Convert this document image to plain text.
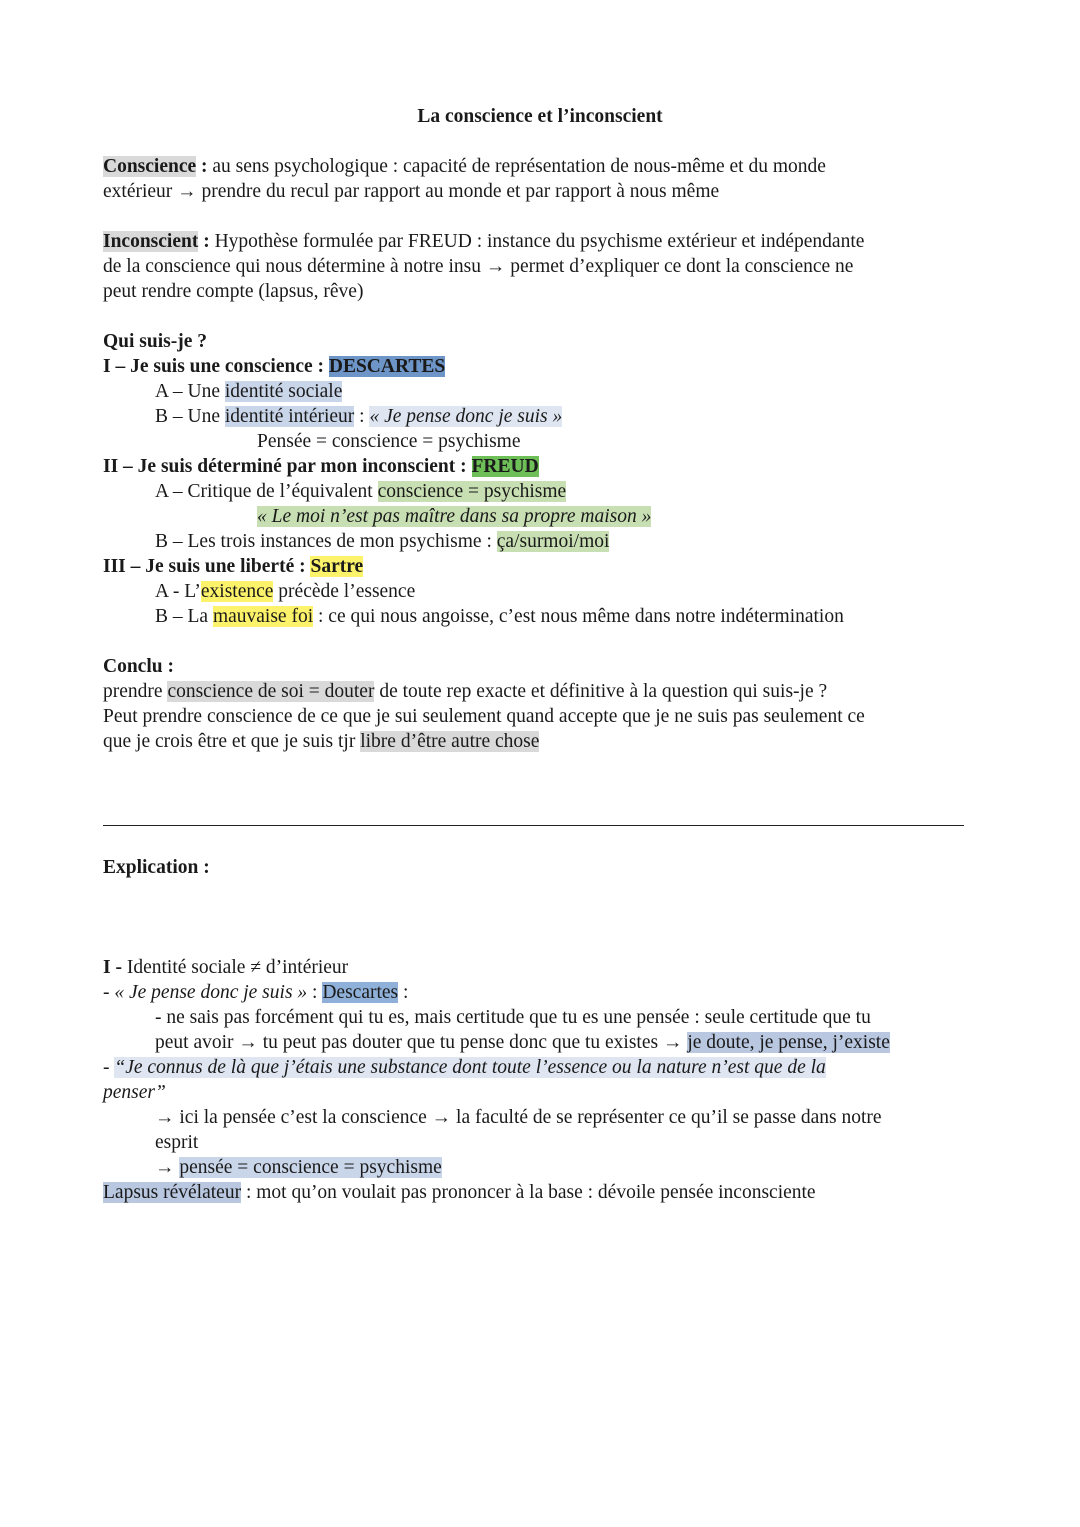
La conscience et l’inconscient
Conscience : au sens psychologique : capacité de représentation de nous-même et du monde
extérieur → prendre du recul par rapport au monde et par rapport à nous même
Inconscient : Hypothèse formulée par FREUD : instance du psychisme extérieur et indépendante
de la conscience qui nous détermine à notre insu → permet d’expliquer ce dont la conscience ne
peut rendre compte (lapsus, rêve)
Qui suis-je ?
I – Je suis une conscience : DESCARTES
A – Une identité sociale
B – Une identité intérieur : « Je pense donc je suis »
Pensée = conscience = psychisme
II – Je suis déterminé par mon inconscient : FREUD
A – Critique de l’équivalent conscience = psychisme
« Le moi n’est pas maître dans sa propre maison »
B – Les trois instances de mon psychisme : ça/surmoi/moi
III – Je suis une liberté : Sartre
A - L’existence précède l’essence
B – La mauvaise foi : ce qui nous angoisse, c’est nous même dans notre indétermination
Conclu :
prendre conscience de soi = douter de toute rep exacte et définitive à la question qui suis-je ?
Peut prendre conscience de ce que je sui seulement quand accepte que je ne suis pas seulement ce
que je crois être et que je suis tjr libre d’être autre chose
Explication :
I - Identité sociale ≠ d’intérieur
- « Je pense donc je suis » : Descartes :
- ne sais pas forcément qui tu es, mais certitude que tu es une pensée : seule certitude que tu
peut avoir → tu peut pas douter que tu pense donc que tu existes → je doute, je pense, j’existe
- “Je connus de là que j’étais une substance dont toute l’essence ou la nature n’est que de la
penser”
→ ici la pensée c’est la conscience → la faculté de se représenter ce qu’il se passe dans notre
esprit
→ pensée = conscience = psychisme
Lapsus révélateur : mot qu’on voulait pas prononcer à la base : dévoile pensée inconsciente
